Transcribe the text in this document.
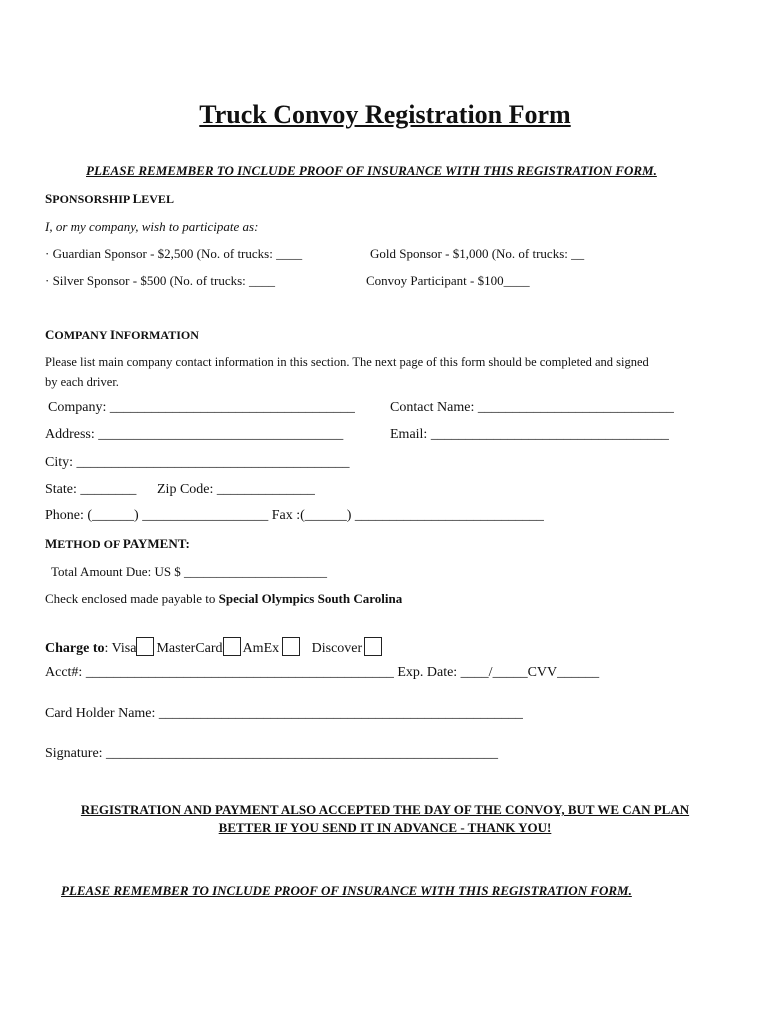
Truck Convoy Registration Form
PLEASE REMEMBER TO INCLUDE PROOF OF INSURANCE WITH THIS REGISTRATION FORM.
SPONSORSHIP LEVEL
I, or my company, wish to participate as:
· Guardian Sponsor - $2,500 (No. of trucks: ____	Gold Sponsor - $1,000 (No. of trucks: __
· Silver Sponsor - $500 (No. of trucks: ____	Convoy Participant - $100____
COMPANY INFORMATION
Please list main company contact information in this section. The next page of this form should be completed and signed
by each driver.
Company: ___________________________________	Contact Name: ____________________________
Address: ___________________________________	Email: __________________________________
City: _______________________________________
State: ________ Zip Code: ______________
Phone: (______) __________________ Fax :(______) ___________________________
METHOD OF PAYMENT:
Total Amount Due: US $ ______________________
Check enclosed made payable to Special Olympics South Carolina
Charge to: Visa MasterCard AmEx Discover
Acct#: ____________________________________________ Exp. Date: ____/_____CVV______
Card Holder Name: ____________________________________________________
Signature: ________________________________________________________
REGISTRATION AND PAYMENT ALSO ACCEPTED THE DAY OF THE CONVOY, BUT WE CAN PLAN
BETTER IF YOU SEND IT IN ADVANCE - THANK YOU!
PLEASE REMEMBER TO INCLUDE PROOF OF INSURANCE WITH THIS REGISTRATION FORM.
